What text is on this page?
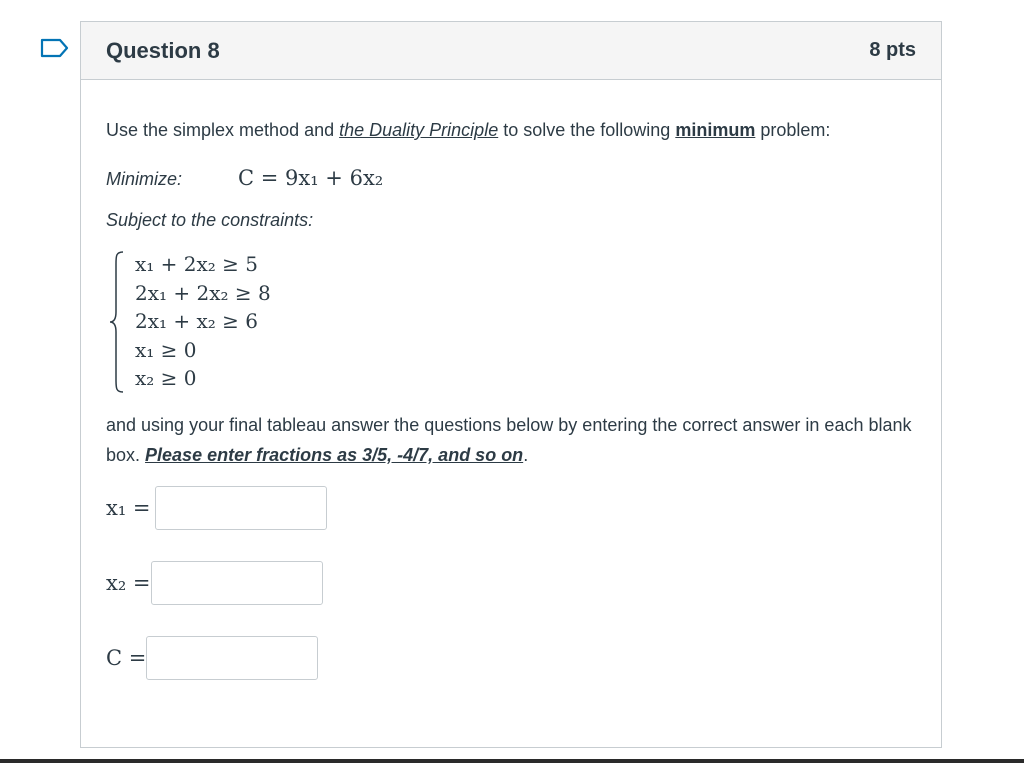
Question 8	8 pts
Use the simplex method and the Duality Principle to solve the following minimum problem:
Minimize:	C = 9x₁ + 6x₂
Subject to the constraints:
x₁ + 2x₂ ≥ 5
2x₁ + 2x₂ ≥ 8
2x₁ + x₂ ≥ 6
x₁ ≥ 0
x₂ ≥ 0
and using your final tableau answer the questions below by entering the correct answer in each blank box. Please enter fractions as 3/5, -4/7, and so on.
x₁ =
x₂ =
C =
